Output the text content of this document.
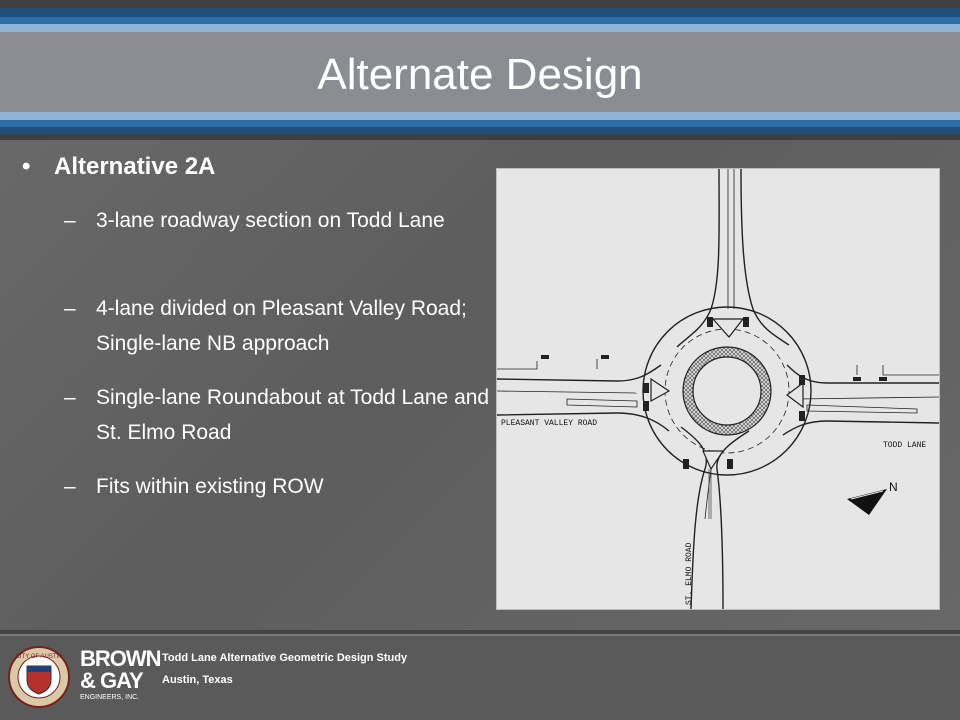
Alternate Design
• Alternative 2A
– 3-lane roadway section on Todd Lane
– 4-lane divided on Pleasant Valley Road; Single-lane NB approach
– Single-lane Roundabout at Todd Lane and St. Elmo Road
– Fits within existing ROW
PLEASANT VALLEY ROAD
TODD LANE
ST. ELMO ROAD
N
CITY OF AUSTIN BROWN
& GAY
ENGINEERS, INC.
Todd Lane Alternative Geometric Design Study
Austin, Texas
